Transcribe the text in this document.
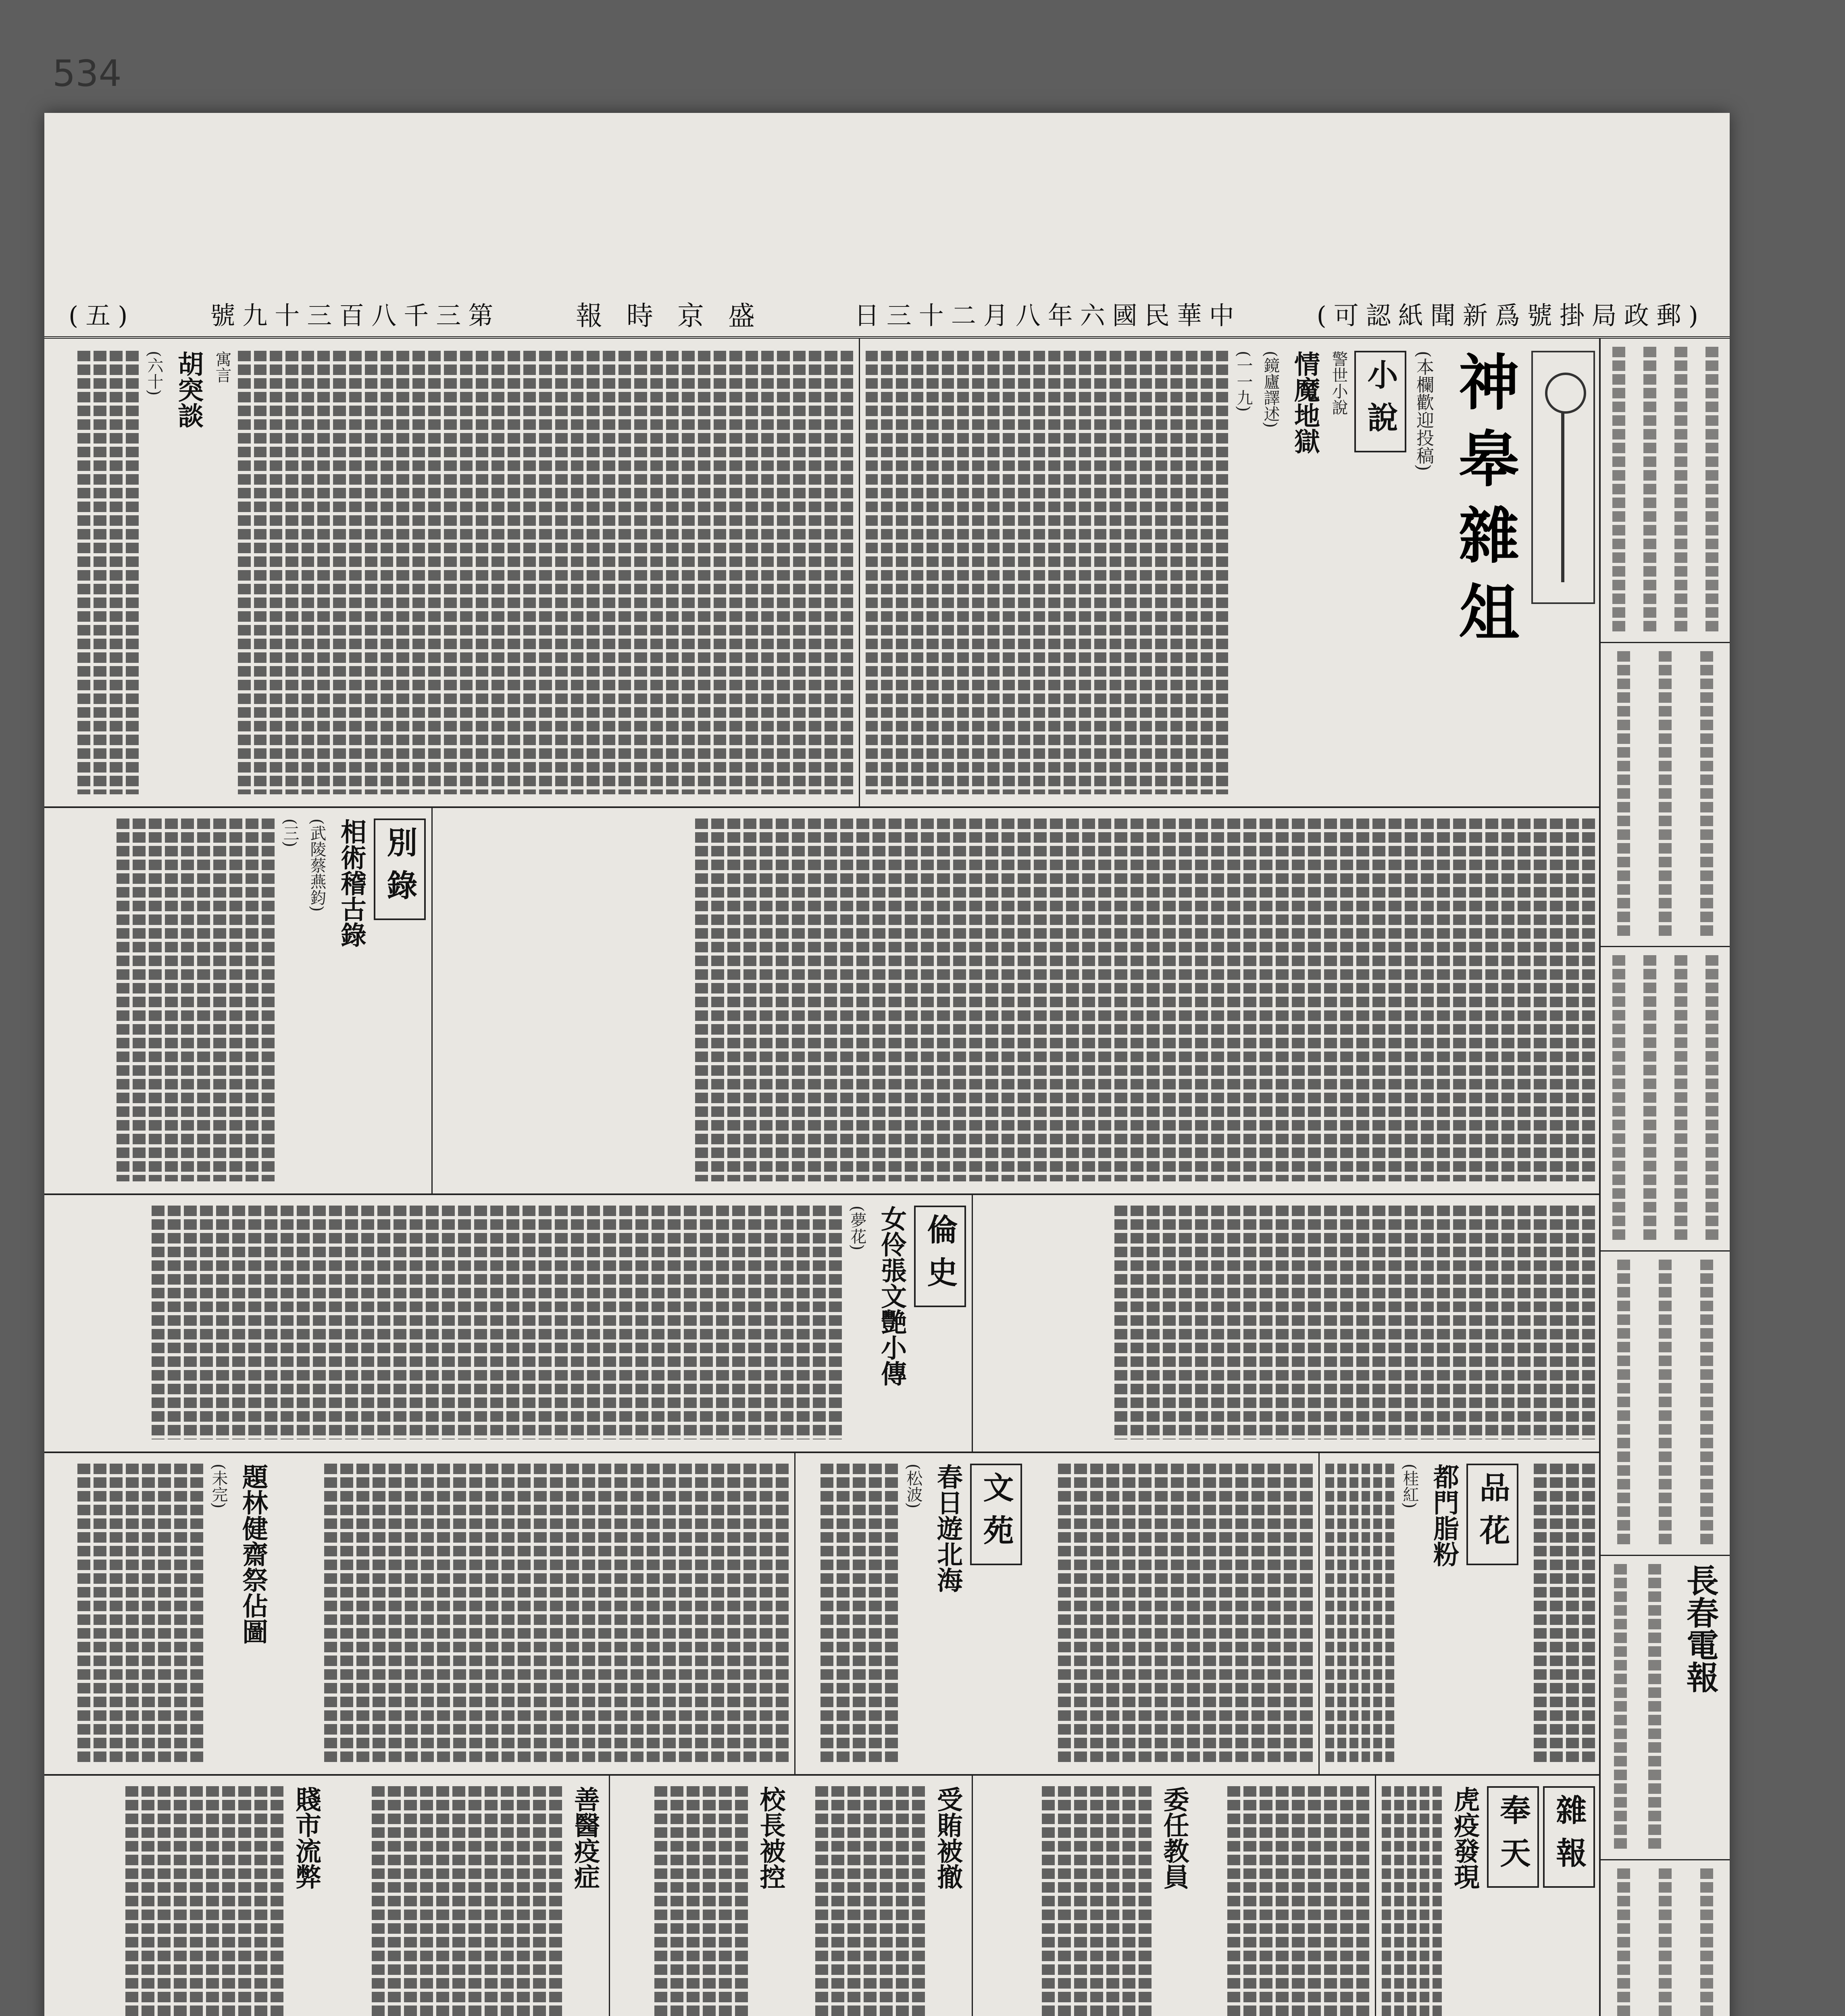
534
(可認紙聞新爲號掛局政郵)
日三十二月八年六國民華中
報時京盛
號九十三百八千三第
(五)
長春電報
神皋雜俎
(本欄歡迎投稿)
小說
警世小說
情魔地獄
(鏡廬譯述)
(一一九)
寓言
胡突談
(六十)
別錄
相術稽古錄
(武陵蔡燕鈞)
(三)
倫史
女伶張文艷小傳
(夢花)
品花
都門脂粉
(桂紅)
文苑
春日遊北海
(松波)
題林健齋祭佔圖
(未完)
雜報
奉天
虎疫發現
委任教員
受賄被撤
校長被控
善醫疫症
賤市流弊
